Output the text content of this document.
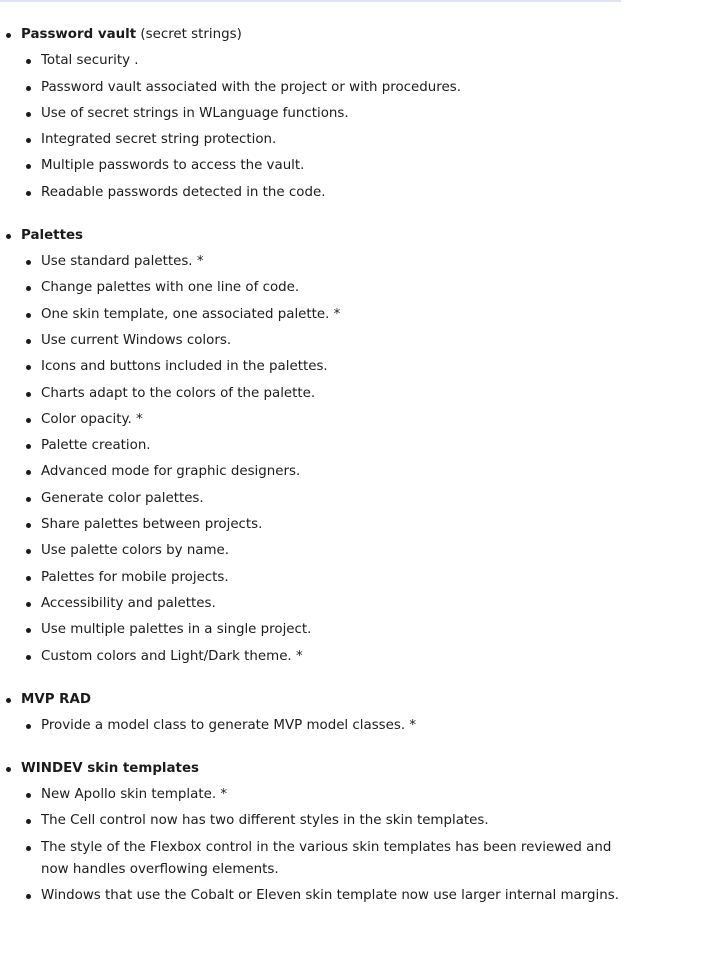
Password vault (secret strings)
Total security .
Password vault associated with the project or with procedures.
Use of secret strings in WLanguage functions.
Integrated secret string protection.
Multiple passwords to access the vault.
Readable passwords detected in the code.
Palettes
Use standard palettes. *
Change palettes with one line of code.
One skin template, one associated palette. *
Use current Windows colors.
Icons and buttons included in the palettes.
Charts adapt to the colors of the palette.
Color opacity. *
Palette creation.
Advanced mode for graphic designers.
Generate color palettes.
Share palettes between projects.
Use palette colors by name.
Palettes for mobile projects.
Accessibility and palettes.
Use multiple palettes in a single project.
Custom colors and Light/Dark theme. *
MVP RAD
Provide a model class to generate MVP model classes. *
WINDEV skin templates
New Apollo skin template. *
The Cell control now has two different styles in the skin templates.
The style of the Flexbox control in the various skin templates has been reviewed and now handles overflowing elements.
Windows that use the Cobalt or Eleven skin template now use larger internal margins.
